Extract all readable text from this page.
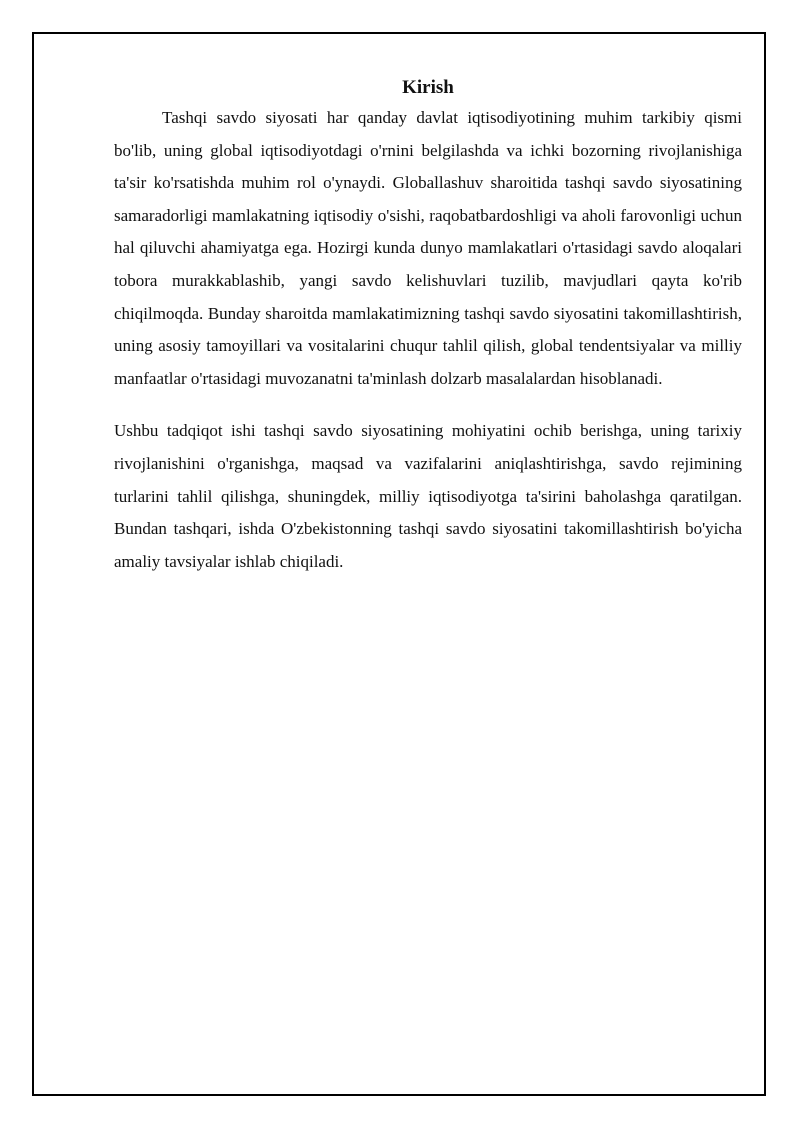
Kirish

Tashqi savdo siyosati har qanday davlat iqtisodiyotining muhim tarkibiy qismi bo'lib, uning global iqtisodiyotdagi o'rnini belgilashda va ichki bozorning rivojlanishiga ta'sir ko'rsatishda muhim rol o'ynaydi. Globallashuv sharoitida tashqi savdo siyosatining samaradorligi mamlakatning iqtisodiy o'sishi, raqobatbardoshligi va aholi farovonligi uchun hal qiluvchi ahamiyatga ega. Hozirgi kunda dunyo mamlakatlari o'rtasidagi savdo aloqalari tobora murakkablashib, yangi savdo kelishuvlari tuzilib, mavjudlari qayta ko'rib chiqilmoqda. Bunday sharoitda mamlakatimizning tashqi savdo siyosatini takomillashtirish, uning asosiy tamoyillari va vositalarini chuqur tahlil qilish, global tendentsiyalar va milliy manfaatlar o'rtasidagi muvozanatni ta'minlash dolzarb masalalardan hisoblanadi.

Ushbu tadqiqot ishi tashqi savdo siyosatining mohiyatini ochib berishga, uning tarixiy rivojlanishini o'rganishga, maqsad va vazifalarini aniqlashtirishga, savdo rejimining turlarini tahlil qilishga, shuningdek, milliy iqtisodiyotga ta'sirini baholashga qaratilgan. Bundan tashqari, ishda O'zbekistonning tashqi savdo siyosatini takomillashtirish bo'yicha amaliy tavsiyalar ishlab chiqiladi.
